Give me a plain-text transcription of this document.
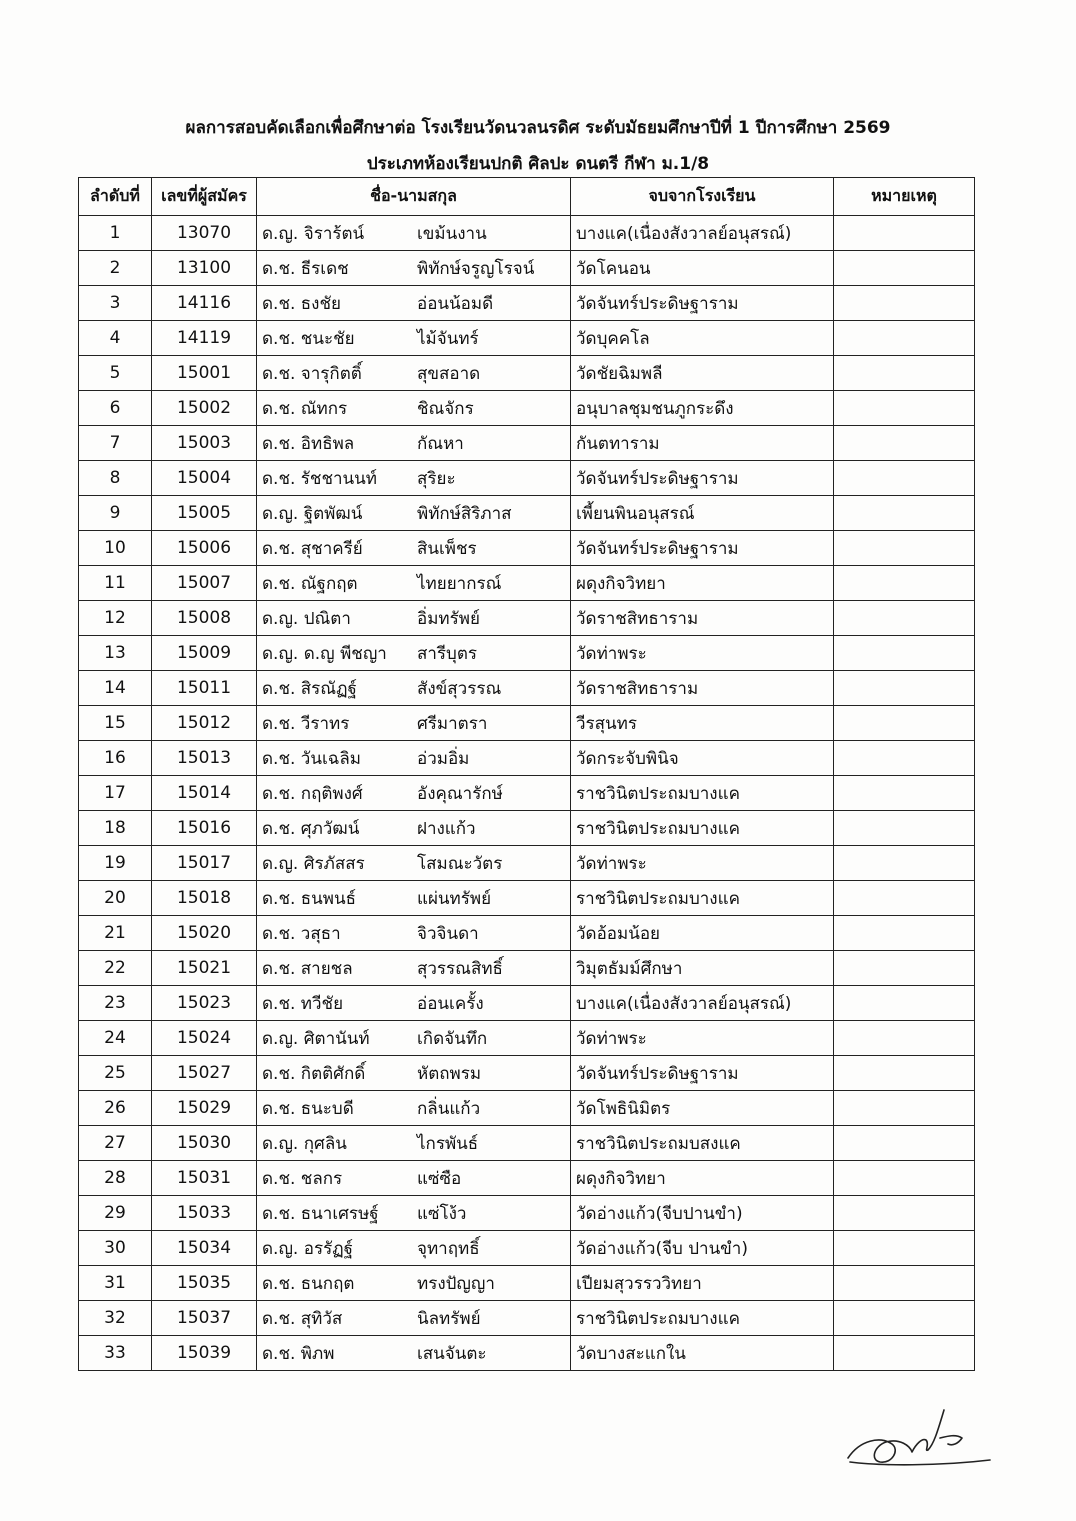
ผลการสอบคัดเลือกเพื่อศึกษาต่อ โรงเรียนวัดนวลนรดิศ ระดับมัธยมศึกษาปีที่ 1 ปีการศึกษา 2569
ประเภทห้องเรียนปกติ ศิลปะ ดนตรี กีฬา ม.1/8
ลำดับที่	เลขที่ผู้สมัคร	ชื่อ-นามสกุล	จบจากโรงเรียน	หมายเหตุ
1	13070	ด.ญ. จิราร้ตน์ เขม้นงาน	บางแค(เนื่องสังวาลย์อนุสรณ์)	
2	13100	ด.ช. ธีรเดช พิทักษ์จรูญโรจน์	วัดโคนอน	
3	14116	ด.ช. ธงชัย อ่อนน้อมดี	วัดจันทร์ประดิษฐาราม	
4	14119	ด.ช. ชนะชัย ไม้จันทร์	วัดบุคคโล	
5	15001	ด.ช. จารุกิตติ์ สุขสอาด	วัดชัยฉิมพลี	
6	15002	ด.ช. ณัทกร ชิณจักร	อนุบาลชุมชนภูกระดึง	
7	15003	ด.ช. อิทธิพล กัณหา	กันตทาราม	
8	15004	ด.ช. รัชชานนท์ สุริยะ	วัดจันทร์ประดิษฐาราม	
9	15005	ด.ญ. ฐิตพัฒน์ พิทักษ์สิริภาส	เพี้ยนพินอนุสรณ์	
10	15006	ด.ช. สุชาครีย์ สินเพ็ชร	วัดจันทร์ประดิษฐาราม	
11	15007	ด.ช. ณัฐกฤต ไทยยากรณ์	ผดุงกิจวิทยา	
12	15008	ด.ญ. ปณิตา อิ่มทรัพย์	วัดราชสิทธาราม	
13	15009	ด.ญ. ด.ญ พีชญา สารีบุตร	วัดท่าพระ	
14	15011	ด.ช. สิรณัฏฐ์ สังข์สุวรรณ	วัดราชสิทธาราม	
15	15012	ด.ช. วีราทร ศรีมาตรา	วีรสุนทร	
16	15013	ด.ช. วันเฉลิม อ่วมอิ่ม	วัดกระจับพินิจ	
17	15014	ด.ช. กฤติพงศ์ อังคุณารักษ์	ราชวินิตประถมบางแค	
18	15016	ด.ช. ศุภวัฒน์ ฝางแก้ว	ราชวินิตประถมบางแค	
19	15017	ด.ญ. ศิรภัสสร โสมณะวัตร	วัดท่าพระ	
20	15018	ด.ช. ธนพนธ์ แผ่นทรัพย์	ราชวินิตประถมบางแค	
21	15020	ด.ช. วสุธา จิวจินดา	วัดอ้อมน้อย	
22	15021	ด.ช. สายชล สุวรรณสิทธิ์	วิมุตธัมม์ศึกษา	
23	15023	ด.ช. ทวีชัย อ่อนเครั้ง	บางแค(เนื่องสังวาลย์อนุสรณ์)	
24	15024	ด.ญ. ศิตานันท์ เกิดจันทึก	วัดท่าพระ	
25	15027	ด.ช. กิตติศักดิ์ หัตถพรม	วัดจันทร์ประดิษฐาราม	
26	15029	ด.ช. ธนะบดี กลิ่นแก้ว	วัดโพธินิมิตร	
27	15030	ด.ญ. กุศลิน ไกรพันธ์	ราชวินิตประถมบสงแค	
28	15031	ด.ช. ชลกร แซ่ซือ	ผดุงกิจวิทยา	
29	15033	ด.ช. ธนาเศรษฐ์ แซ่โง้ว	วัดอ่างแก้ว(จีบปานขำ)	
30	15034	ด.ญ. อรรัฏฐ์ จุทาฤทธิ์	วัดอ่างแก้ว(จีบ ปานขำ)	
31	15035	ด.ช. ธนกฤต ทรงปัญญา	เปียมสุวรรววิทยา	
32	15037	ด.ช. สุทิวัส นิลทรัพย์	ราชวินิตประถมบางแค	
33	15039	ด.ช. พิภพ เสนจันตะ	วัดบางสะแกใน	
